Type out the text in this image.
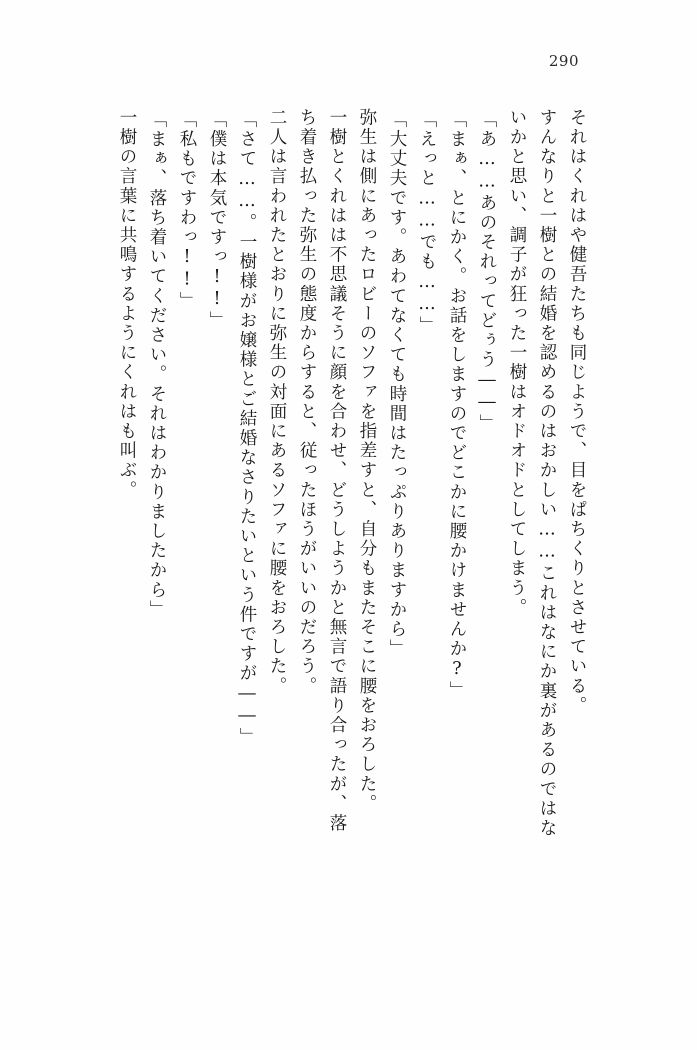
290
それはくれはや健吾たちも同じようで、目をぱちくりとさせている。
すんなりと一樹との結婚を認めるのはおかしい……これはなにか裏があるのではな
いかと思い、調子が狂った一樹はオドオドとしてしまう。
「あ……あのそれってどぅう――」
「まぁ、とにかく。お話をしますのでどこかに腰かけませんか?」
「えっと……でも……」
「大丈夫です。あわてなくても時間はたっぷりありますから」
弥生は側にあったロビーのソファを指差すと、自分もまたそこに腰をおろした。
一樹とくれはは不思議そうに顔を合わせ、どうしようかと無言で語り合ったが、落
ち着き払った弥生の態度からすると、従ったほうがいいのだろう。
二人は言われたとおりに弥生の対面にあるソファに腰をおろした。
「さて……。一樹様がお嬢様とご結婚なさりたいという件ですが――」
「僕は本気ですっ!!」
「私もですわっ!!」
「まぁ、落ち着いてください。それはわかりましたから」
一樹の言葉に共鳴するようにくれはも叫ぶ。
